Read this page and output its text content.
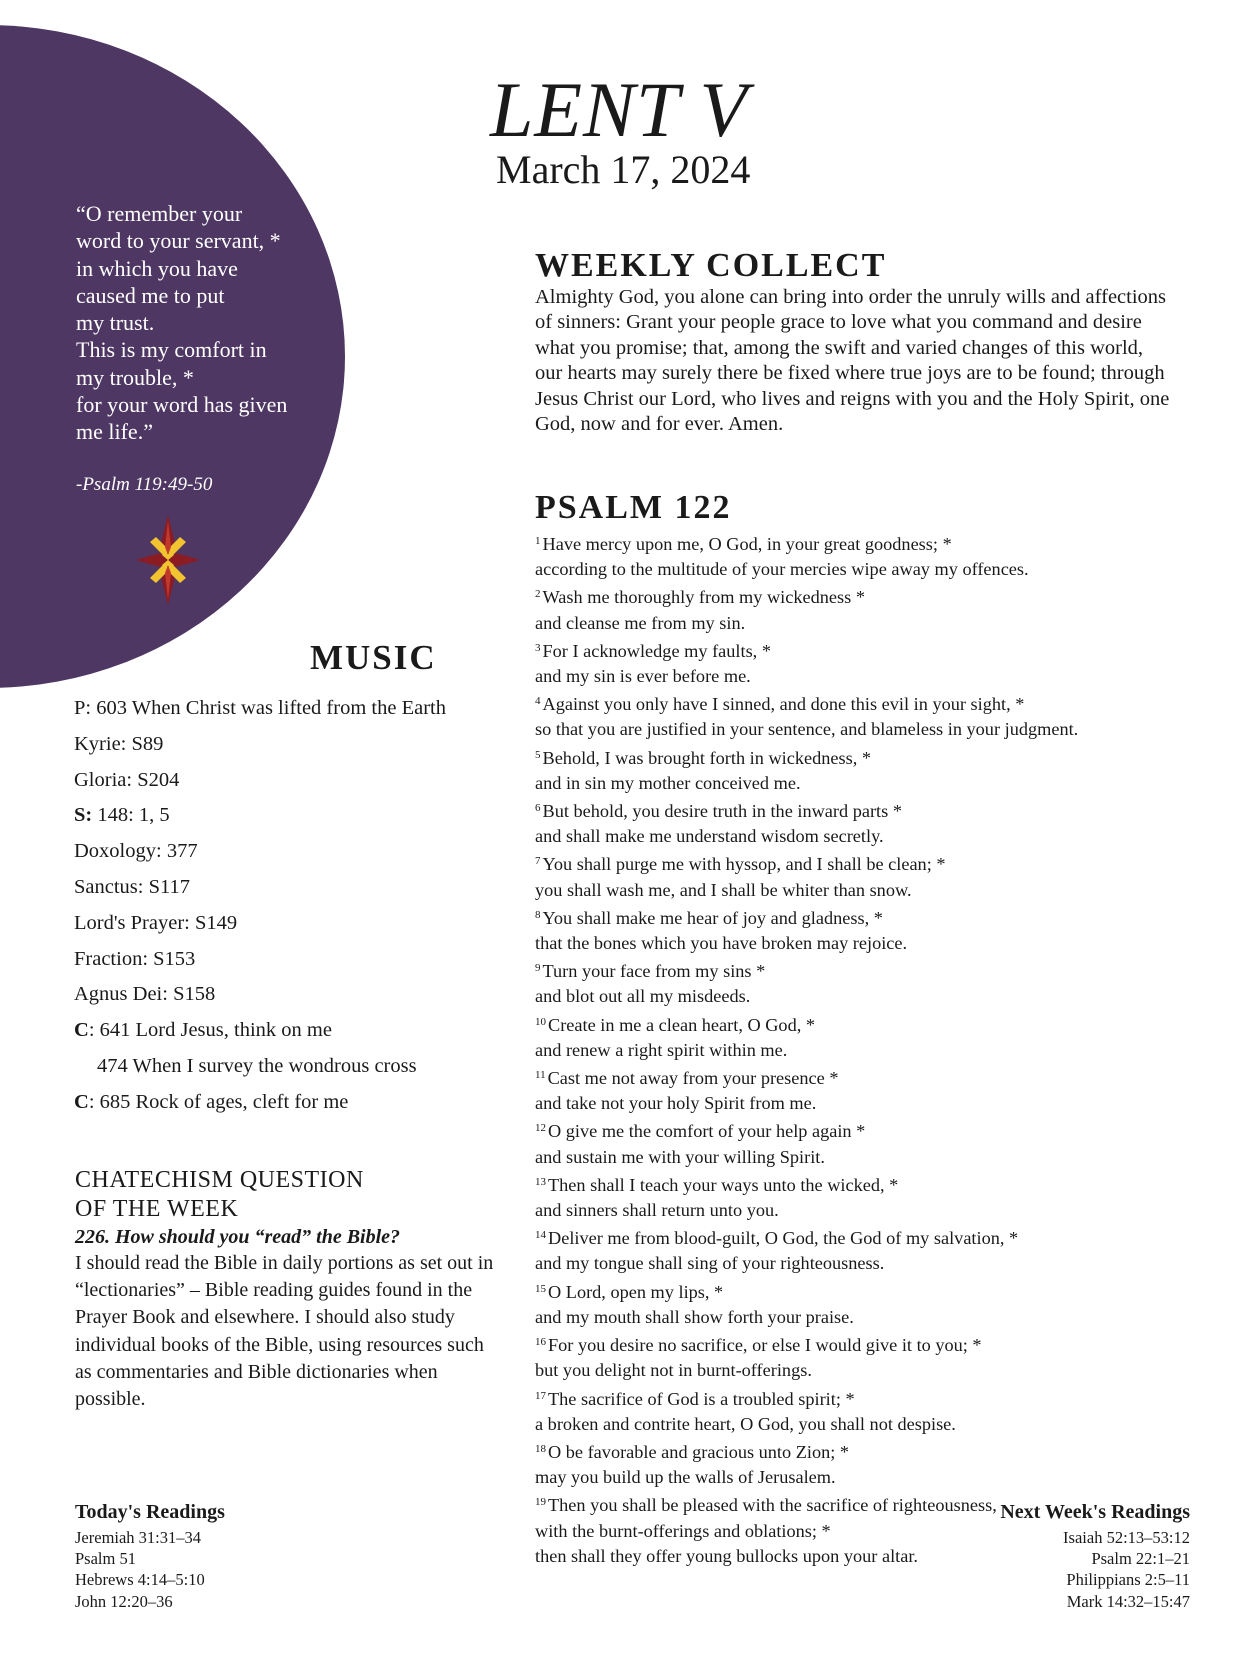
“O remember your
word to your servant, *
in which you have
caused me to put
my trust.
This is my comfort in
my trouble, *
for your word has given
me life.”
-Psalm 119:49-50
LENT V
March 17, 2024
WEEKLY COLLECT

Almighty God, you alone can bring into order the unruly wills and affections of sinners: Grant your people grace to love what you command and desire what you promise; that, among the swift and varied changes of this world, our hearts may surely there be fixed where true joys are to be found; through Jesus Christ our Lord, who lives and reigns with you and the Holy Spirit, one God, now and for ever. Amen.

PSALM 122
$^1$ Have mercy upon me, O God, in your great goodness; *
according to the multitude of your mercies wipe away my offences.
$^2$ Wash me thoroughly from my wickedness *
and cleanse me from my sin.
$^3$ For I acknowledge my faults, *
and my sin is ever before me.
$^4$ Against you only have I sinned, and done this evil in your sight, *
so that you are justified in your sentence, and blameless in your judgment.
$^5$ Behold, I was brought forth in wickedness, *
and in sin my mother conceived me.
$^6$ But behold, you desire truth in the inward parts *
and shall make me understand wisdom secretly.
$^7$ You shall purge me with hyssop, and I shall be clean; *
you shall wash me, and I shall be whiter than snow.
$^8$ You shall make me hear of joy and gladness, *
that the bones which you have broken may rejoice.
$^9$ Turn your face from my sins *
and blot out all my misdeeds.
$^{10}$ Create in me a clean heart, O God, *
and renew a right spirit within me.
$^{11}$ Cast me not away from your presence *
and take not your holy Spirit from me.
$^{12}$ O give me the comfort of your help again *
and sustain me with your willing Spirit.
$^{13}$ Then shall I teach your ways unto the wicked, *
and sinners shall return unto you.
$^{14}$ Deliver me from blood-guilt, O God, the God of my salvation, *
and my tongue shall sing of your righteousness.
$^{15}$ O Lord, open my lips, *
and my mouth shall show forth your praise.
$^{16}$ For you desire no sacrifice, or else I would give it to you; *
but you delight not in burnt-offerings.
$^{17}$ The sacrifice of God is a troubled spirit; *
a broken and contrite heart, O God, you shall not despise.
$^{18}$ O be favorable and gracious unto Zion; *
may you build up the walls of Jerusalem.
$^{19}$ Then you shall be pleased with the sacrifice of righteousness,
with the burnt-offerings and oblations; *
then shall they offer young bullocks upon your altar.
MUSIC
P: 603 When Christ was lifted from the Earth
Kyrie: S89
Gloria: S204
S: 148: 1, 5
Doxology: 377
Sanctus: S117
Lord's Prayer: S149
Fraction: S153
Agnus Dei: S158
C: 641 Lord Jesus, think on me
474 When I survey the wondrous cross
C: 685 Rock of ages, cleft for me
CHATECHISM QUESTION
OF THE WEEK

226. How should you “read” the Bible?

I should read the Bible in daily portions as set out in “lectionaries” – Bible reading guides found in the Prayer Book and elsewhere. I should also study individual books of the Bible, using resources such as commentaries and Bible dictionaries when possible.

Today's Readings
Jeremiah 31:31–34
Psalm 51
Hebrews 4:14–5:10
John 12:20–36
Next Week's Readings
Isaiah 52:13–53:12
Psalm 22:1–21
Philippians 2:5–11
Mark 14:32–15:47
